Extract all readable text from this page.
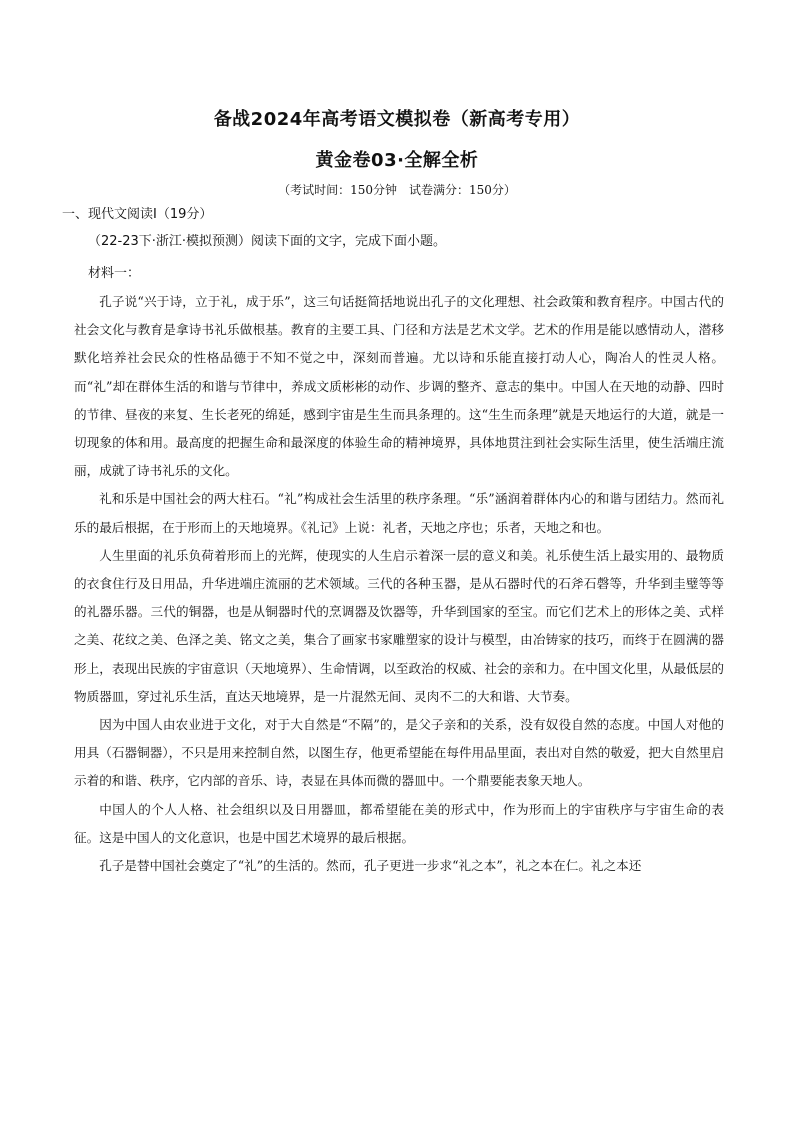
备战2024年高考语文模拟卷（新高考专用）
黄金卷03·全解全析
（考试时间：150分钟　试卷满分：150分）
一、现代文阅读Ⅰ（19分）
（22-23下·浙江·模拟预测）阅读下面的文字，完成下面小题。
材料一：

孔子说“兴于诗，立于礼，成于乐”，这三句话挺简括地说出孔子的文化理想、社会政策和教育程序。中国古代的社会文化与教育是拿诗书礼乐做根基。教育的主要工具、门径和方法是艺术文学。艺术的作用是能以感情动人，潜移默化培养社会民众的性格品德于不知不觉之中，深刻而普遍。尤以诗和乐能直接打动人心，陶冶人的性灵人格。而“礼”却在群体生活的和谐与节律中，养成文质彬彬的动作、步调的整齐、意志的集中。中国人在天地的动静、四时的节律、昼夜的来复、生长老死的绵延，感到宇宙是生生而具条理的。这“生生而条理”就是天地运行的大道，就是一切现象的体和用。最高度的把握生命和最深度的体验生命的精神境界，具体地贯注到社会实际生活里，使生活端庄流丽，成就了诗书礼乐的文化。

礼和乐是中国社会的两大柱石。“礼”构成社会生活里的秩序条理。“乐”涵润着群体内心的和谐与团结力。然而礼乐的最后根据，在于形而上的天地境界。《礼记》上说：礼者，天地之序也；乐者，天地之和也。

人生里面的礼乐负荷着形而上的光辉，使现实的人生启示着深一层的意义和美。礼乐使生活上最实用的、最物质的衣食住行及日用品，升华进端庄流丽的艺术领域。三代的各种玉器，是从石器时代的石斧石磬等，升华到圭璧等等的礼器乐器。三代的铜器，也是从铜器时代的烹调器及饮器等，升华到国家的至宝。而它们艺术上的形体之美、式样之美、花纹之美、色泽之美、铭文之美，集合了画家书家雕塑家的设计与模型，由冶铸家的技巧，而终于在圆满的器形上，表现出民族的宇宙意识（天地境界）、生命情调，以至政治的权威、社会的亲和力。在中国文化里，从最低层的物质器皿，穿过礼乐生活，直达天地境界，是一片混然无间、灵肉不二的大和谐、大节奏。

因为中国人由农业进于文化，对于大自然是“不隔”的，是父子亲和的关系，没有奴役自然的态度。中国人对他的用具（石器铜器），不只是用来控制自然，以图生存，他更希望能在每件用品里面，表出对自然的敬爱，把大自然里启示着的和谐、秩序，它内部的音乐、诗，表显在具体而微的器皿中。一个鼎要能表象天地人。

中国人的个人人格、社会组织以及日用器皿，都希望能在美的形式中，作为形而上的宇宙秩序与宇宙生命的表征。这是中国人的文化意识，也是中国艺术境界的最后根据。

孔子是替中国社会奠定了“礼”的生活的。然而，孔子更进一步求“礼之本”，礼之本在仁。礼之本还
